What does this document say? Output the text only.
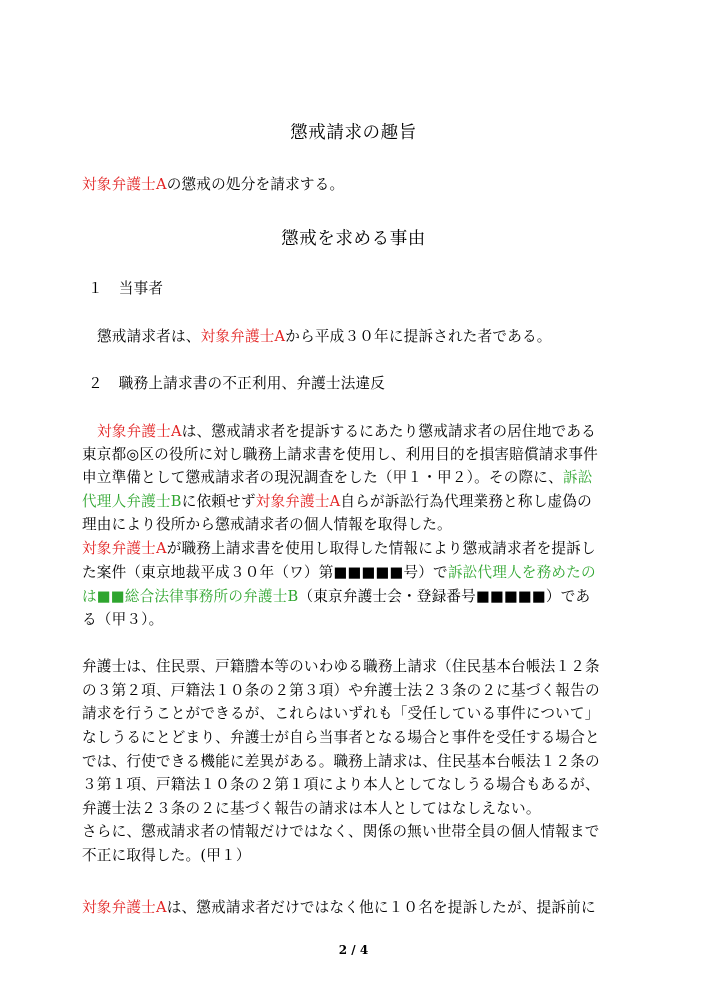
懲戒請求の趣旨
対象弁護士Aの懲戒の処分を請求する。
懲戒を求める事由
１ 当事者
懲戒請求者は、対象弁護士Aから平成３０年に提訴された者である。
２ 職務上請求書の不正利用、弁護士法違反
対象弁護士Aは、懲戒請求者を提訴するにあたり懲戒請求者の居住地である
東京都◎区の役所に対し職務上請求書を使用し、利用目的を損害賠償請求事件
申立準備として懲戒請求者の現況調査をした（甲１・甲２）。その際に、訴訟
代理人弁護士Bに依頼せず対象弁護士A自らが訴訟行為代理業務と称し虚偽の
理由により役所から懲戒請求者の個人情報を取得した。
対象弁護士Aが職務上請求書を使用し取得した情報により懲戒請求者を提訴し
た案件（東京地裁平成３０年（ワ）第■■■■■号）で訴訟代理人を務めたの
は■■総合法律事務所の弁護士B（東京弁護士会・登録番号■■■■■）であ
る（甲３）。
弁護士は、住民票、戸籍謄本等のいわゆる職務上請求（住民基本台帳法１２条
の３第２項、戸籍法１０条の２第３項）や弁護士法２３条の２に基づく報告の
請求を行うことができるが、これらはいずれも「受任している事件について」
なしうるにとどまり、弁護士が自ら当事者となる場合と事件を受任する場合と
では、行使できる機能に差異がある。職務上請求は、住民基本台帳法１２条の
３第１項、戸籍法１０条の２第１項により本人としてなしうる場合もあるが、
弁護士法２３条の２に基づく報告の請求は本人としてはなしえない。
さらに、懲戒請求者の情報だけではなく、関係の無い世帯全員の個人情報まで
不正に取得した。(甲１）
対象弁護士Aは、懲戒請求者だけではなく他に１０名を提訴したが、提訴前に
2 / 4
